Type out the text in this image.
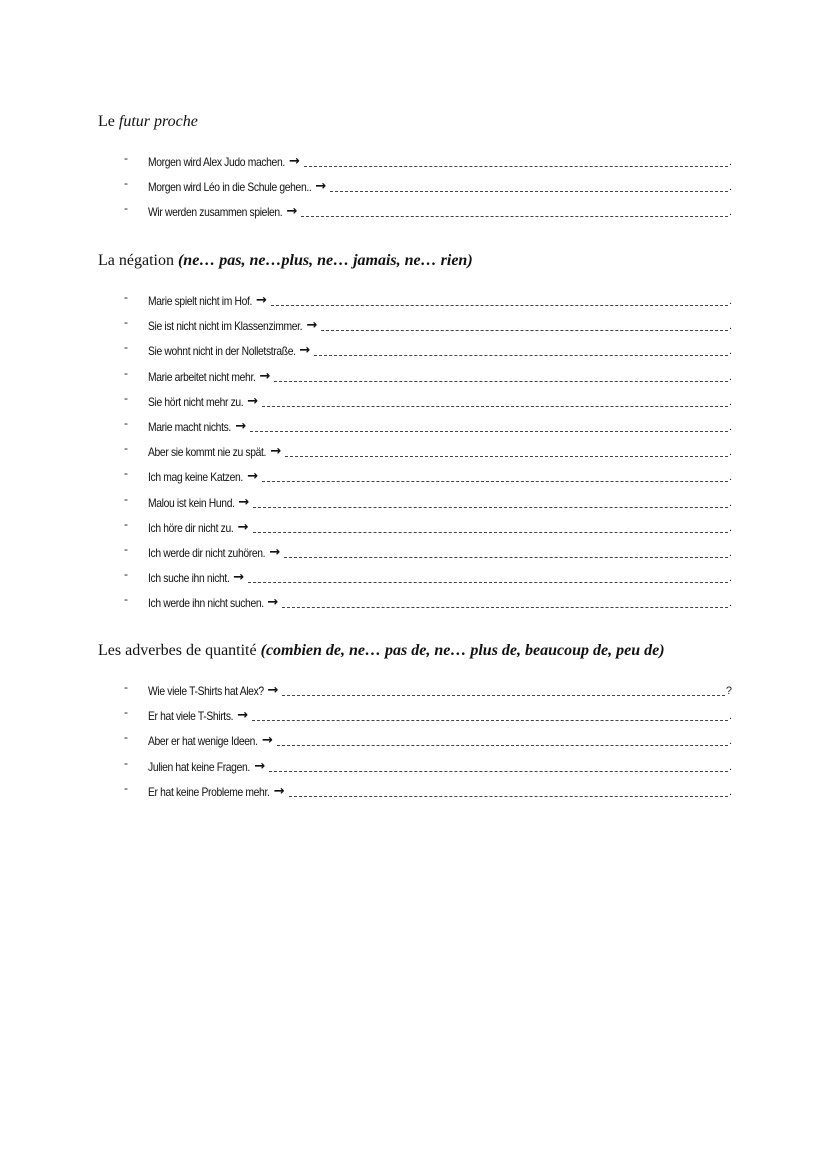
Le futur proche
- Morgen wird Alex Judo machen. →	.
- Morgen wird Léo in die Schule gehen.. →	.
- Wir werden zusammen spielen. →	.
La négation (ne… pas, ne…plus, ne… jamais, ne… rien)
- Marie spielt nicht im Hof. →	.
- Sie ist nicht nicht im Klassenzimmer. →	.
- Sie wohnt nicht in der Nolletstraße. →	.
- Marie arbeitet nicht mehr. →	.
- Sie hört nicht mehr zu. →	.
- Marie macht nichts. →	.
- Aber sie kommt nie zu spät. →	.
- Ich mag keine Katzen. →	.
- Malou ist kein Hund. →	.
- Ich höre dir nicht zu. →	.
- Ich werde dir nicht zuhören. →	.
- Ich suche ihn nicht. →	.
- Ich werde ihn nicht suchen. →	.
Les adverbes de quantité (combien de, ne… pas de, ne… plus de, beaucoup de, peu de)
- Wie viele T-Shirts hat Alex? →	?
- Er hat viele T-Shirts. →	.
- Aber er hat wenige Ideen. →	.
- Julien hat keine Fragen. →	.
- Er hat keine Probleme mehr. →	.
